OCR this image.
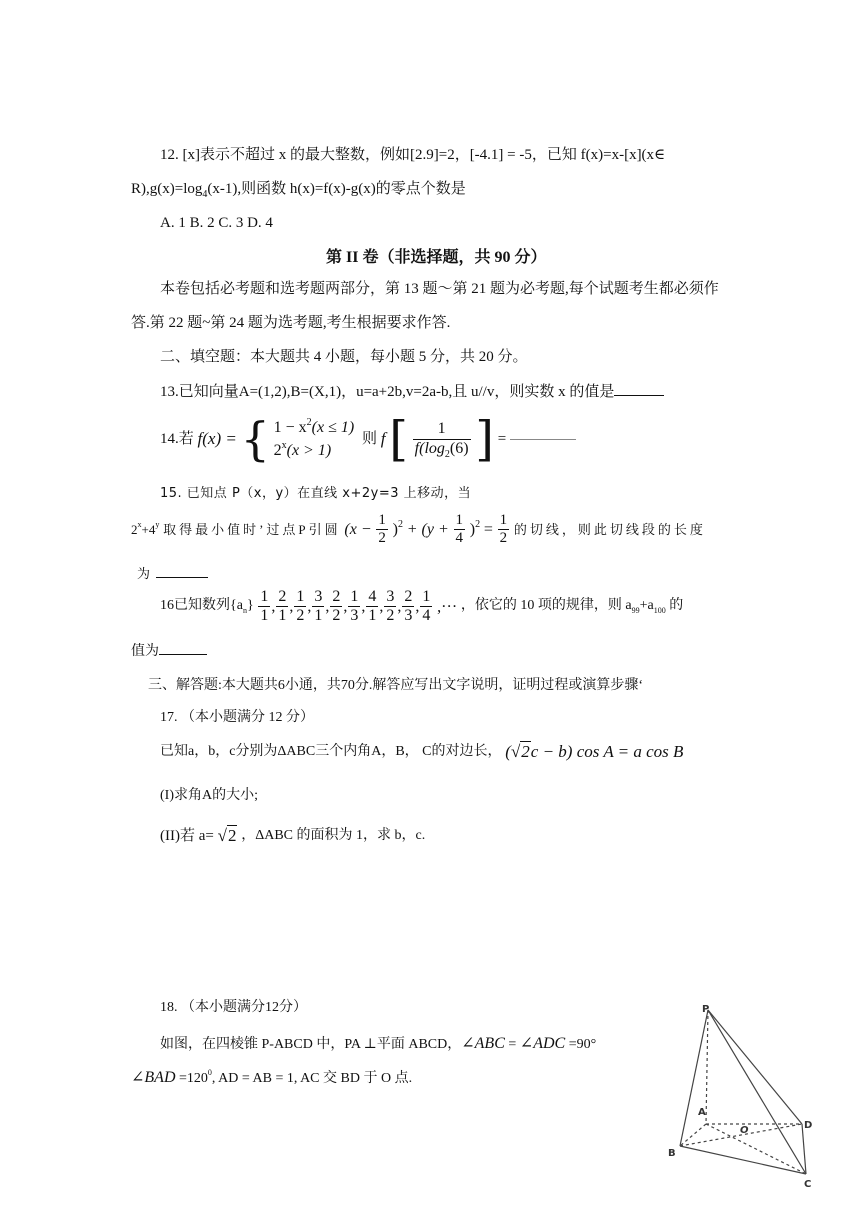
12. [x]表示不超过 x 的最大整数，例如[2.9]=2，[-4.1] = -5，已知 f(x)=x-[x](x∈
$R),g(x)=\log_4(x-1)$,则函数 h(x)=f(x)-g(x)的零点个数是
A. 1 B. 2 C. 3 D. 4
第 II 卷（非选择题，共 90 分）
本卷包括必考题和选考题两部分，第 13 题～第 21 题为必考题,每个试题考生都必须作
答.第 22 题~第 24 题为选考题,考生根据要求作答.
二、填空题：本大题共 4 小题，每小题 5 分，共 20 分。
13.已知向量A=(1,2),B=(X,1)，u=a+2b,v=2a-b,且 u//v，则实数 x 的值是
14.若 f(x) = { $1 - x^2(x \le 1)$
$2^x(x > 1)$
则 f [ $\frac{1}{f(\log_2(6)}$ ] =
15. 已知点 P（x，y）在直线 x+2y=3 上移动，当
$2^x+4^y$ 取得最小值时’过点P引圆 $(x - \frac{1}{2} )^2 + (y + \frac{1}{4} )^2 = \frac{1}{2}$ 的切线，则此切线段的长度
为
16已知数列$\{a_n\} \frac{1}{1}$ , $\frac{2}{1}$ , $\frac{1}{2}$ , $\frac{3}{1}$ , $\frac{2}{2}$ , $\frac{1}{3}$ , $\frac{4}{1}$ , $\frac{3}{2}$ , $\frac{2}{3}$ , $\frac{1}{4}$ ,··· ，依它的 10 项的规律，则 $a_{99}+a_{100}$ 的
值为
三、解答题:本大题共6小通，共70分.解答应写出文字说明，证明过程或演算步骤‘
17. （本小题满分 12 分）
已知a，b，c分别为ΔABC三个内角A，B， C的对边长， (√2c − b) cos A = a cos B
(I)求角A的大小;
(II)若 a= √2 ，ΔABC 的面积为 1，求 b，c.
18. （本小题满分12分）
如图，在四棱锥 P-ABCD 中，PA ⊥平面 ABCD，∠ABC = ∠ADC =90°
∠BAD $=120^0$, AD = AB = 1, AC 交 BD 于 O 点.
P
A
B
C
D
O
